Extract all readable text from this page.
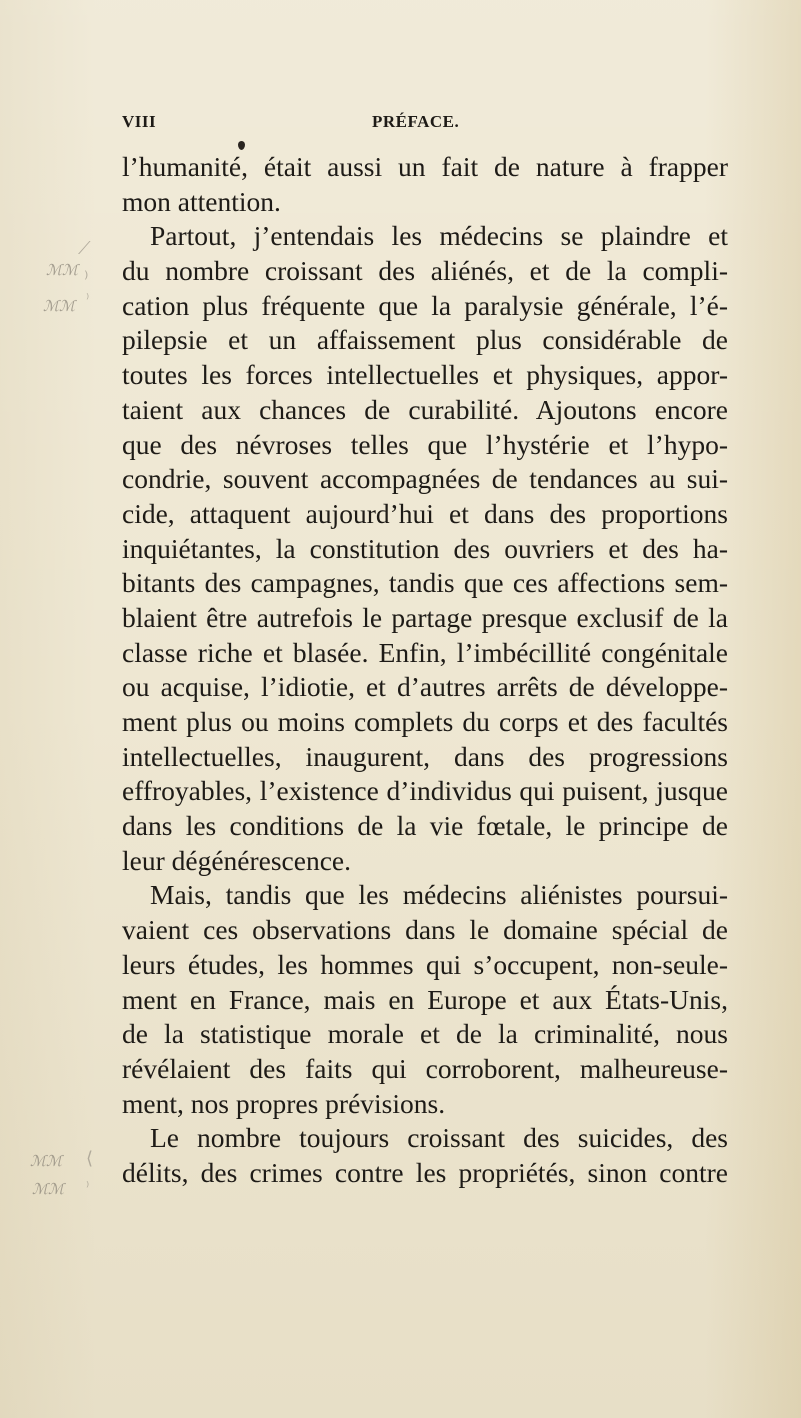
VIII	PRÉFACE.
ℳℳ
ℳℳ
ℳℳ
ℳℳ
⟋
⁾
⁾
⟨
⁾
l’humanité, était aussi un fait de nature à frapper
mon attention.
Partout, j’entendais les médecins se plaindre et
du nombre croissant des aliénés, et de la compli-
cation plus fréquente que la paralysie générale, l’é-
pilepsie et un affaissement plus considérable de
toutes les forces intellectuelles et physiques, appor-
taient aux chances de curabilité. Ajoutons encore
que des névroses telles que l’hystérie et l’hypo-
condrie, souvent accompagnées de tendances au sui-
cide, attaquent aujourd’hui et dans des proportions
inquiétantes, la constitution des ouvriers et des ha-
bitants des campagnes, tandis que ces affections sem-
blaient être autrefois le partage presque exclusif de la
classe riche et blasée. Enfin, l’imbécillité congénitale
ou acquise, l’idiotie, et d’autres arrêts de développe-
ment plus ou moins complets du corps et des facultés
intellectuelles, inaugurent, dans des progressions
effroyables, l’existence d’individus qui puisent, jusque
dans les conditions de la vie fœtale, le principe de
leur dégénérescence.
Mais, tandis que les médecins aliénistes poursui-
vaient ces observations dans le domaine spécial de
leurs études, les hommes qui s’occupent, non-seule-
ment en France, mais en Europe et aux États-Unis,
de la statistique morale et de la criminalité, nous
révélaient des faits qui corroborent, malheureuse-
ment, nos propres prévisions.
Le nombre toujours croissant des suicides, des
délits, des crimes contre les propriétés, sinon contre
